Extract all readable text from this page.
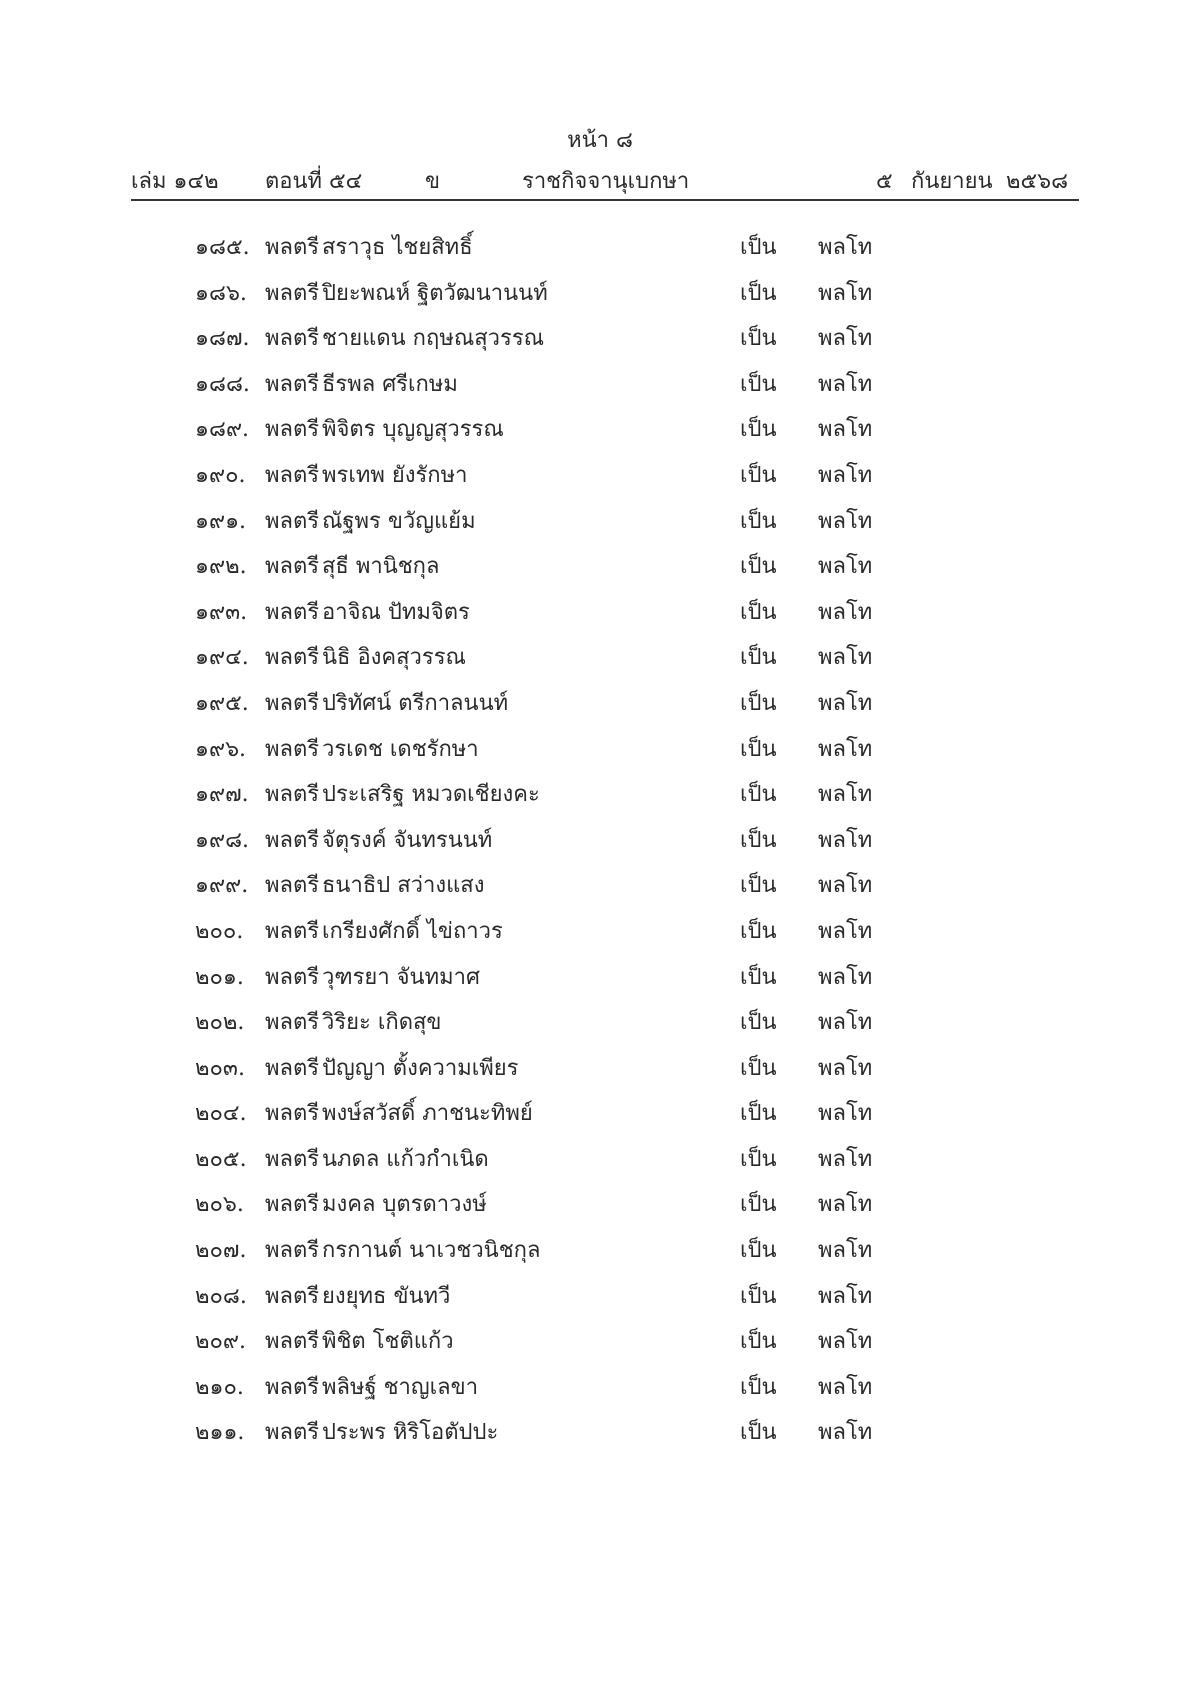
หน้า ๘
เล่ม ๑๔๒ ตอนที่ ๕๔	ข	ราชกิจจานุเบกษา	๕ กันยายน ๒๕๖๘
๑๘๕. พลตรี สราวุธ ไชยสิทธิ์	เป็น พลโท
๑๘๖. พลตรี ปิยะพณห์ ฐิตวัฒนานนท์	เป็น พลโท
๑๘๗. พลตรี ชายแดน กฤษณสุวรรณ	เป็น พลโท
๑๘๘. พลตรี ธีรพล ศรีเกษม	เป็น พลโท
๑๘๙. พลตรี พิจิตร บุญญสุวรรณ	เป็น พลโท
๑๙๐. พลตรี พรเทพ ยังรักษา	เป็น พลโท
๑๙๑. พลตรี ณัฐพร ขวัญแย้ม	เป็น พลโท
๑๙๒. พลตรี สุธี พานิชกุล	เป็น พลโท
๑๙๓. พลตรี อาจิณ ปัทมจิตร	เป็น พลโท
๑๙๔. พลตรี นิธิ อิงคสุวรรณ	เป็น พลโท
๑๙๕. พลตรี ปริทัศน์ ตรีกาลนนท์	เป็น พลโท
๑๙๖. พลตรี วรเดช เดชรักษา	เป็น พลโท
๑๙๗. พลตรี ประเสริฐ หมวดเชียงคะ	เป็น พลโท
๑๙๘. พลตรี จัตุรงค์ จันทรนนท์	เป็น พลโท
๑๙๙. พลตรี ธนาธิป สว่างแสง	เป็น พลโท
๒๐๐. พลตรี เกรียงศักดิ์ ไข่ถาวร	เป็น พลโท
๒๐๑. พลตรี วุฑรยา จันทมาศ	เป็น พลโท
๒๐๒. พลตรี วิริยะ เกิดสุข	เป็น พลโท
๒๐๓. พลตรี ปัญญา ตั้งความเพียร	เป็น พลโท
๒๐๔. พลตรี พงษ์สวัสดิ์ ภาชนะทิพย์	เป็น พลโท
๒๐๕. พลตรี นภดล แก้วกำเนิด	เป็น พลโท
๒๐๖. พลตรี มงคล บุตรดาวงษ์	เป็น พลโท
๒๐๗. พลตรี กรกานต์ นาเวชวนิชกุล	เป็น พลโท
๒๐๘. พลตรี ยงยุทธ ขันทวี	เป็น พลโท
๒๐๙. พลตรี พิชิต โชติแก้ว	เป็น พลโท
๒๑๐. พลตรี พลิษฐ์ ชาญเลขา	เป็น พลโท
๒๑๑. พลตรี ประพร หิริโอตัปปะ	เป็น พลโท
